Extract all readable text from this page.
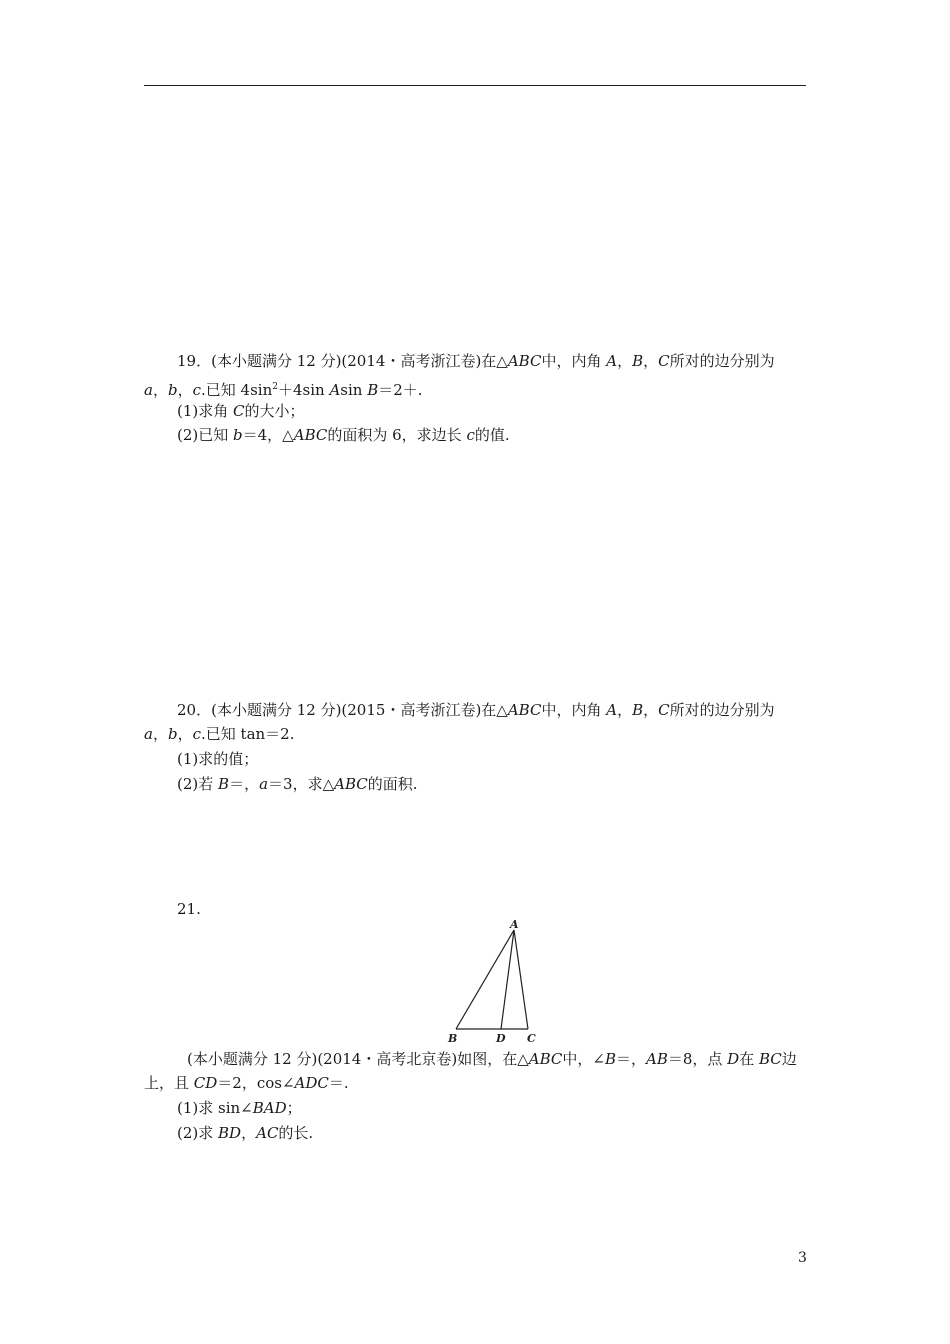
19．(本小题满分 12 分)(2014・高考浙江卷)在△ABC中，内角 A，B，C所对的边分别为
a，b，c.已知 $4\sin^2+4\sin$ Asin B＝2＋.
(1)求角 C的大小；
(2)已知 b＝4，△ABC的面积为 6，求边长 c的值.
20．(本小题满分 12 分)(2015・高考浙江卷)在△ABC中，内角 A，B，C所对的边分别为
a，b，c.已知 tan＝2.
(1)求的值；
(2)若 B＝，a＝3，求△ABC的面积.
21.
A
B	D C
(本小题满分 12 分)(2014・高考北京卷)如图，在△ABC中，∠B＝，AB＝8，点 D在 BC边
上，且 CD＝2，cos∠ADC＝.
(1)求 sin∠BAD；
(2)求 BD，AC的长.
3
